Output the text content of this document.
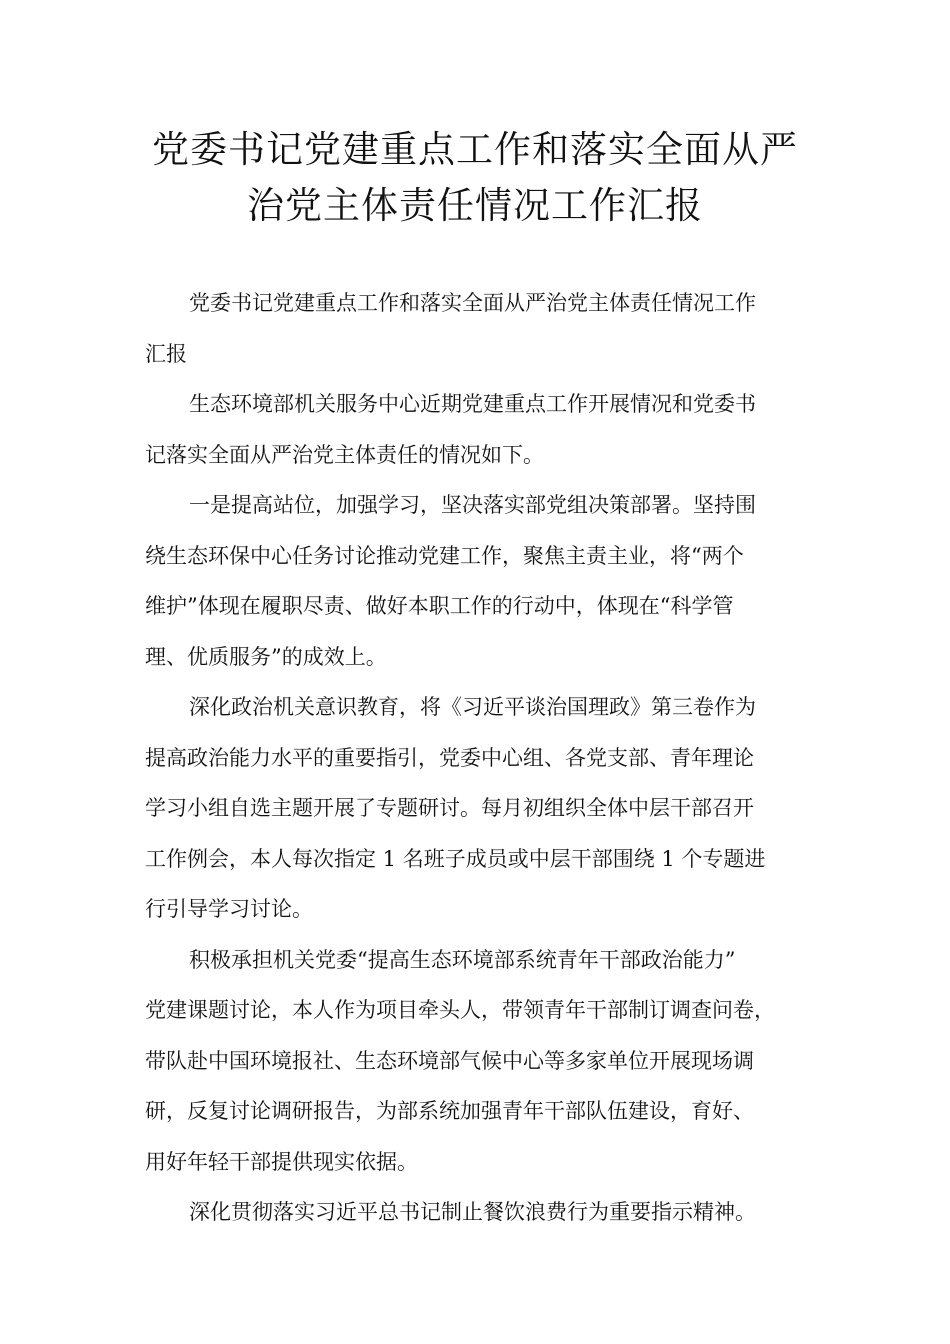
党委书记党建重点工作和落实全面从严
治党主体责任情况工作汇报

党委书记党建重点工作和落实全面从严治党主体责任情况工作
汇报

生态环境部机关服务中心近期党建重点工作开展情况和党委书
记落实全面从严治党主体责任的情况如下。

一是提高站位，加强学习，坚决落实部党组决策部署。坚持围
绕生态环保中心任务讨论推动党建工作，聚焦主责主业，将“两个
维护”体现在履职尽责、做好本职工作的行动中，体现在“科学管
理、优质服务”的成效上。

深化政治机关意识教育，将《习近平谈治国理政》第三卷作为
提高政治能力水平的重要指引，党委中心组、各党支部、青年理论
学习小组自选主题开展了专题研讨。每月初组织全体中层干部召开
工作例会，本人每次指定 1 名班子成员或中层干部围绕 1 个专题进
行引导学习讨论。

积极承担机关党委“提高生态环境部系统青年干部政治能力”
党建课题讨论，本人作为项目牵头人，带领青年干部制订调查问卷，
带队赴中国环境报社、生态环境部气候中心等多家单位开展现场调
研，反复讨论调研报告，为部系统加强青年干部队伍建设，育好、
用好年轻干部提供现实依据。

深化贯彻落实习近平总书记制止餐饮浪费行为重要指示精神。
